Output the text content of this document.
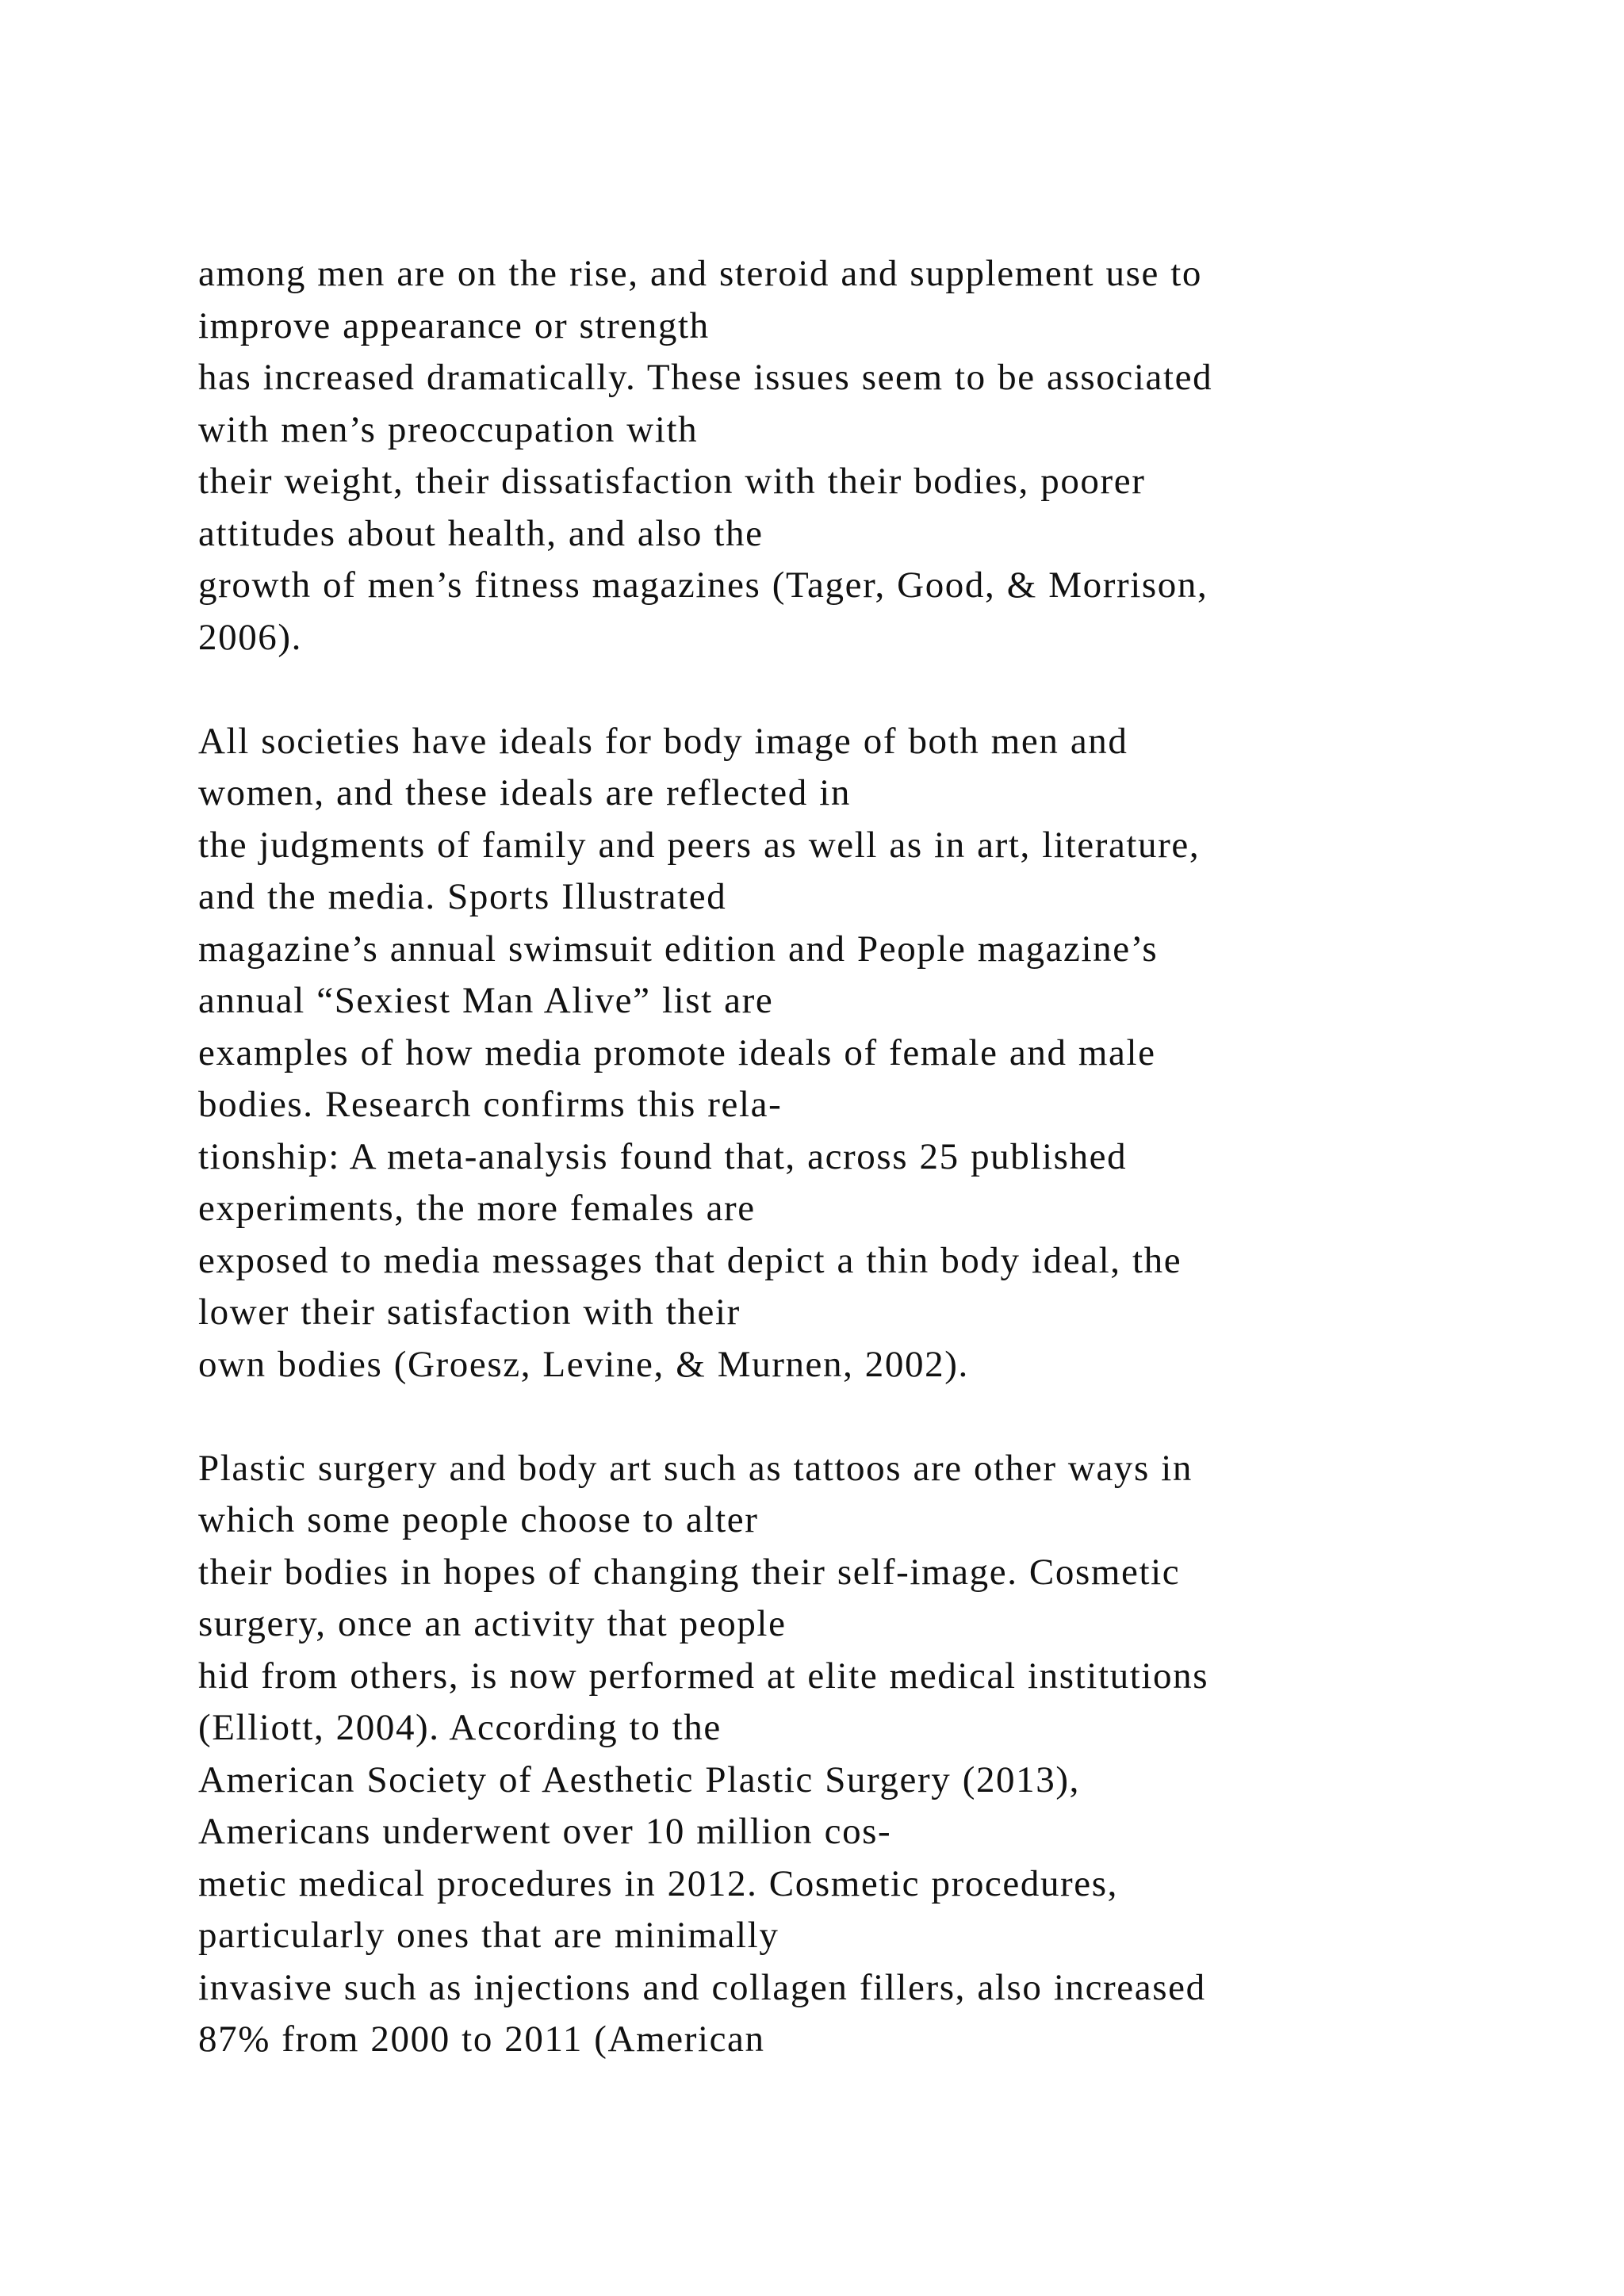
among men are on the rise, and steroid and supplement use to
improve appearance or strength
has increased dramatically. These issues seem to be associated
with men’s preoccupation with
their weight, their dissatisfaction with their bodies, poorer
attitudes about health, and also the
growth of men’s fitness magazines (Tager, Good, & Morrison,
2006).
All societies have ideals for body image of both men and
women, and these ideals are reflected in
the judgments of family and peers as well as in art, literature,
and the media. Sports Illustrated
magazine’s annual swimsuit edition and People magazine’s
annual “Sexiest Man Alive” list are
examples of how media promote ideals of female and male
bodies. Research confirms this rela-
tionship: A meta-analysis found that, across 25 published
experiments, the more females are
exposed to media messages that depict a thin body ideal, the
lower their satisfaction with their
own bodies (Groesz, Levine, & Murnen, 2002).
Plastic surgery and body art such as tattoos are other ways in
which some people choose to alter
their bodies in hopes of changing their self-image. Cosmetic
surgery, once an activity that people
hid from others, is now performed at elite medical institutions
(Elliott, 2004). According to the
American Society of Aesthetic Plastic Surgery (2013),
Americans underwent over 10 million cos-
metic medical procedures in 2012. Cosmetic procedures,
particularly ones that are minimally
invasive such as injections and collagen fillers, also increased
87% from 2000 to 2011 (American
